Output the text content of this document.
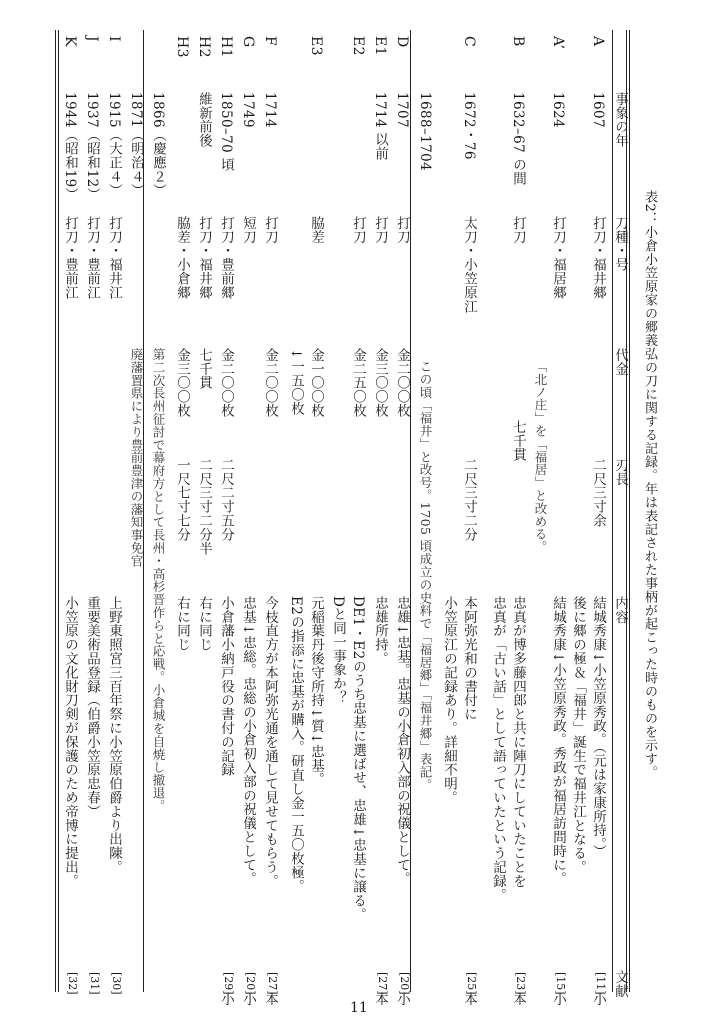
表2：小倉小笠原家の郷義弘の刀に関する記録。年は表記された事柄が起こった時のものを示す。
事象の年
刀種・号
代金
刃長
内容
文献
A
1607
打刀・福井郷
二尺三寸余
結城秀康↓小笠原秀政。（元は家康所持。）
後に郷の極＆「福井」誕生で福井江となる。
[11]
小
A’
1624
打刀・福居郷
結城秀康↓小笠原秀政。秀政が福居訪問時に。
[15]
小
「北ノ庄」を「福居」と改める。
B
1632–67 の間
打刀
七千貫
忠真が博多藤四郎と共に陣刀にしていたことを
忠真が「古い話」として語っていたという記録。
[23]
本
C
1672・76
太刀・小笠原江
二尺三寸二分
本阿弥光和の書付に
小笠原江の記録あり。詳細不明。
[25]
本
1688–1704
この頃「福井」と改号。1705 頃成立の史料で「福居郷」「福井郷」表記。
D
1707
打刀
金二〇〇枚
忠雄↓忠基。忠基の小倉初入部の祝儀として。
[20]
小
E1
1714 以前
打刀
金三〇〇枚
忠雄所持。
[27]
本
E2
打刀
金二五〇枚
DE1・E2のうち忠基に選ばせ、忠雄↓忠基に譲る。
Dと同一事象か？
E3
脇差
金一〇〇枚
↓一五〇枚
元稲葉丹後守所持↓質↓忠基。
E2の指添に忠基が購入。研直し金一五〇枚極。
F
1714
打刀
金二〇〇枚
今枝直方が本阿弥光通を通して見せてもらう。
[27]
本
G
1749
短刀
忠基↓忠総。忠総の小倉初入部の祝儀として。
[20]
小
H1
1850–70 頃
打刀・豊前郷
金二〇〇枚
二尺二寸五分
小倉藩小納戸役の書付の記録
[29]
小
H2
維新前後
打刀・福井郷
七千貫
二尺三寸二分半
右に同じ
H3
脇差・小倉郷
金三〇〇枚
一尺七寸七分
右に同じ
1866（慶應２）
第二次長州征討で幕府方として長州・高杉晋作らと応戦。小倉城を自焼し撤退。
1871（明治４）
廃藩置県により豊前豊津の藩知事免官
I
1915（大正４）
打刀・福井江
上野東照宮三百年祭に小笠原伯爵より出陳。
[30]
J
1937（昭和12）
打刀・豊前江
重要美術品登録（伯爵小笠原忠春）
[31]
K
1944（昭和19）
打刀・豊前江
小笠原の文化財刀剣が保護のため帝博に提出。
[32]
11
